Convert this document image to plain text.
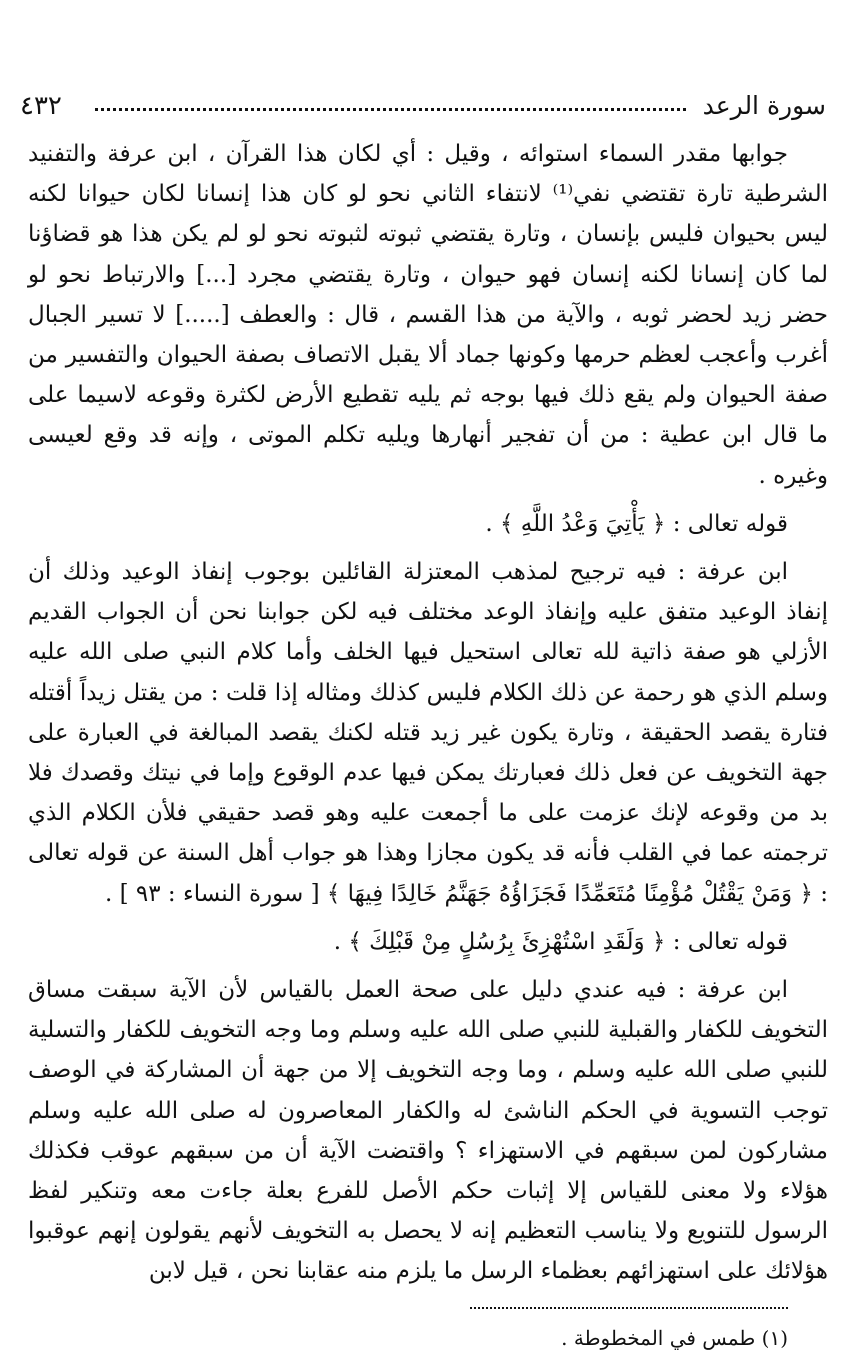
سورة الرعد
٤٣٢

جوابها مقدر السماء استوائه ، وقيل : أي لكان هذا القرآن ، ابن عرفة والتفنيد الشرطية تارة تقتضي نفي⁽¹⁾ لانتفاء الثاني نحو لو كان هذا إنسانا لكان حيوانا لكنه ليس بحيوان فليس بإنسان ، وتارة يقتضي ثبوته لثبوته نحو لو لم يكن هذا هو قضاؤنا لما كان إنسانا لكنه إنسان فهو حيوان ، وتارة يقتضي مجرد [...] والارتباط نحو لو حضر زيد لحضر ثوبه ، والآية من هذا القسم ، قال : والعطف [.....] لا تسير الجبال أغرب وأعجب لعظم حرمها وكونها جماد ألا يقبل الاتصاف بصفة الحيوان والتفسير من صفة الحيوان ولم يقع ذلك فيها بوجه ثم يليه تقطيع الأرض لكثرة وقوعه لاسيما على ما قال ابن عطية : من أن تفجير أنهارها ويليه تكلم الموتى ، وإنه قد وقع لعيسى وغيره .

قوله تعالى : ﴿ يَأْتِيَ وَعْدُ اللَّهِ ﴾ .

ابن عرفة : فيه ترجيح لمذهب المعتزلة القائلين بوجوب إنفاذ الوعيد وذلك أن إنفاذ الوعيد متفق عليه وإنفاذ الوعد مختلف فيه لكن جوابنا نحن أن الجواب القديم الأزلي هو صفة ذاتية لله تعالى استحيل فيها الخلف وأما كلام النبي صلى الله عليه وسلم الذي هو رحمة عن ذلك الكلام فليس كذلك ومثاله إذا قلت : من يقتل زيداً أقتله فتارة يقصد الحقيقة ، وتارة يكون غير زيد قتله لكنك يقصد المبالغة في العبارة على جهة التخويف عن فعل ذلك فعبارتك يمكن فيها عدم الوقوع وإما في نيتك وقصدك فلا بد من وقوعه لإنك عزمت على ما أجمعت عليه وهو قصد حقيقي فلأن الكلام الذي ترجمته عما في القلب فأنه قد يكون مجازا وهذا هو جواب أهل السنة عن قوله تعالى : ﴿ وَمَنْ يَقْتُلْ مُؤْمِنًا مُتَعَمِّدًا فَجَزَاؤُهُ جَهَنَّمُ خَالِدًا فِيهَا ﴾ [ سورة النساء : ٩٣ ] .

قوله تعالى : ﴿ وَلَقَدِ اسْتُهْزِئَ بِرُسُلٍ مِنْ قَبْلِكَ ﴾ .

ابن عرفة : فيه عندي دليل على صحة العمل بالقياس لأن الآية سبقت مساق التخويف للكفار والقبلية للنبي صلى الله عليه وسلم وما وجه التخويف للكفار والتسلية للنبي صلى الله عليه وسلم ، وما وجه التخويف إلا من جهة أن المشاركة في الوصف توجب التسوية في الحكم الناشئ له والكفار المعاصرون له صلى الله عليه وسلم مشاركون لمن سبقهم في الاستهزاء ؟ واقتضت الآية أن من سبقهم عوقب فكذلك هؤلاء ولا معنى للقياس إلا إثبات حكم الأصل للفرع بعلة جاءت معه وتنكير لفظ الرسول للتنويع ولا يناسب التعظيم إنه لا يحصل به التخويف لأنهم يقولون إنهم عوقبوا هؤلائك على استهزائهم بعظماء الرسل ما يلزم منه عقابنا نحن ، قيل لابن

(١) طمس في المخطوطة .
